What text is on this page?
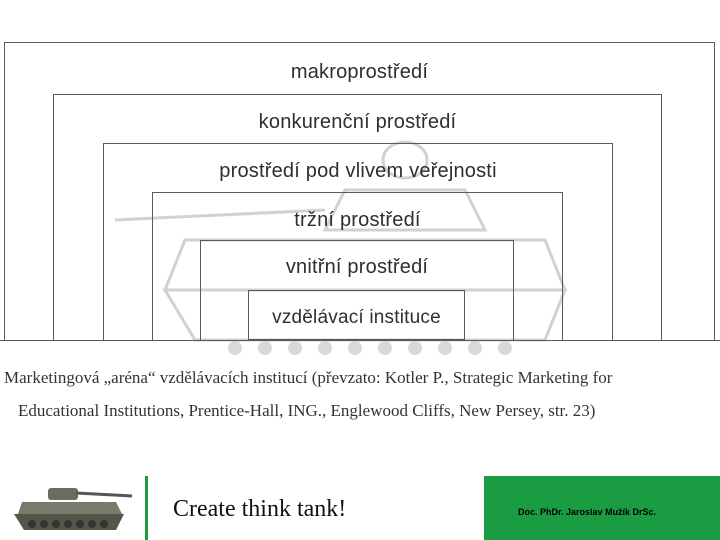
makroprostředí
konkurenční prostředí
prostředí pod vlivem veřejnosti
tržní prostředí
vnitřní prostředí
vzdělávací instituce
Marketingová „aréna“ vzdělávacích institucí (převzato: Kotler P., Strategic Marketing for
Educational Institutions, Prentice-Hall, ING., Englewood Cliffs, New Persey, str. 23)
Create think tank!	Doc. PhDr. Jaroslav Mužík DrSc.
